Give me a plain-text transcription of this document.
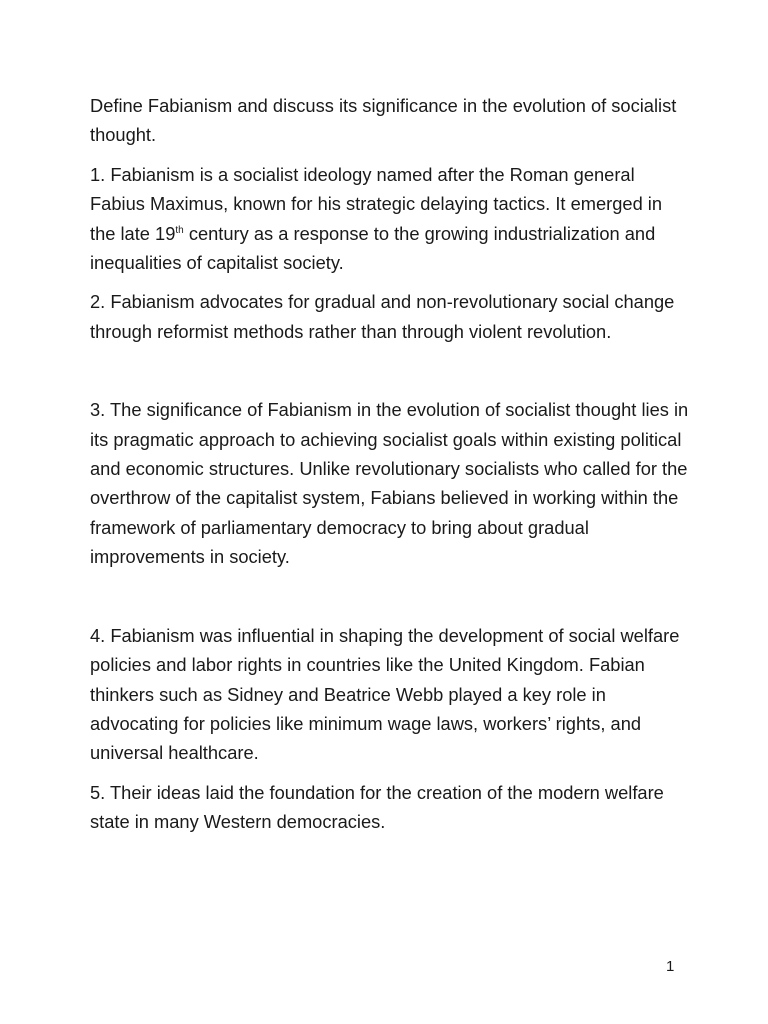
Define Fabianism and discuss its significance in the evolution of socialist thought.

1. Fabianism is a socialist ideology named after the Roman general Fabius Maximus, known for his strategic delaying tactics. It emerged in the late 19th century as a response to the growing industrialization and inequalities of capitalist society.

2. Fabianism advocates for gradual and non-revolutionary social change through reformist methods rather than through violent revolution.

3. The significance of Fabianism in the evolution of socialist thought lies in its pragmatic approach to achieving socialist goals within existing political and economic structures. Unlike revolutionary socialists who called for the overthrow of the capitalist system, Fabians believed in working within the framework of parliamentary democracy to bring about gradual improvements in society.

4. Fabianism was influential in shaping the development of social welfare policies and labor rights in countries like the United Kingdom. Fabian thinkers such as Sidney and Beatrice Webb played a key role in advocating for policies like minimum wage laws, workers’ rights, and universal healthcare.

5. Their ideas laid the foundation for the creation of the modern welfare state in many Western democracies.

1
